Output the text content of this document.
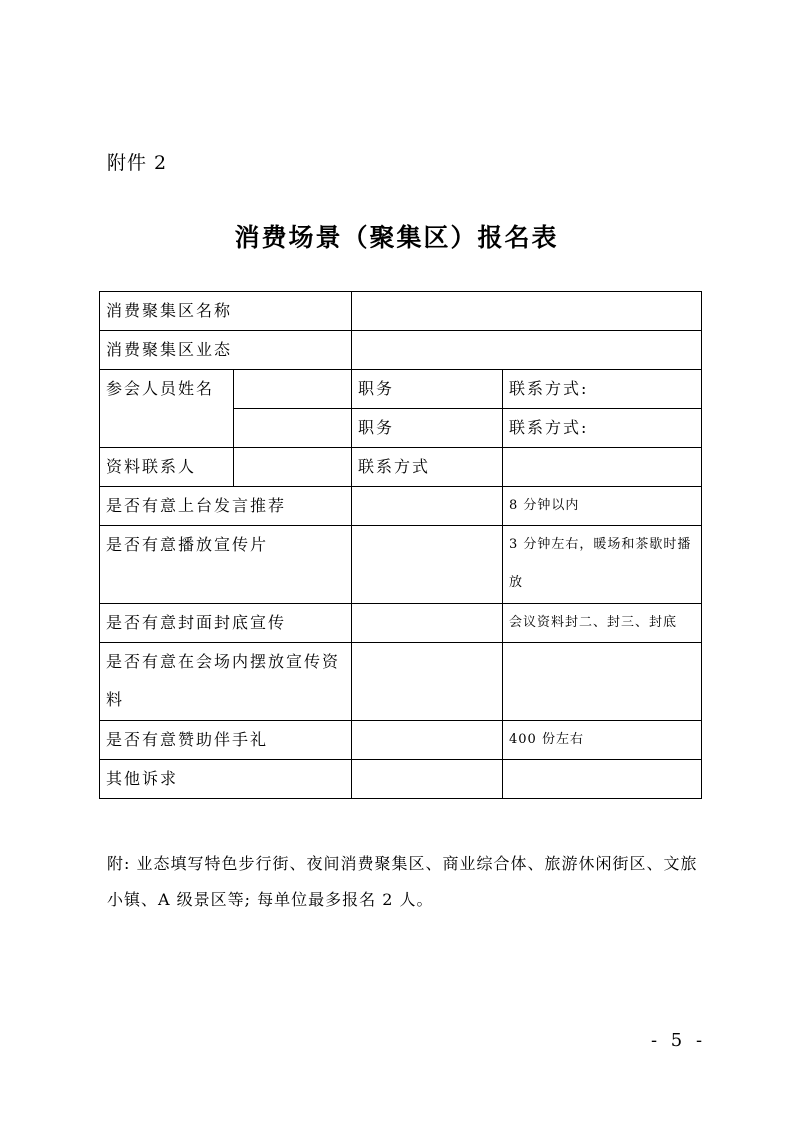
附件 2
消费场景（聚集区）报名表
消费聚集区名称			
消费聚集区业态			
参会人员姓名		职务	联系方式:
		职务	联系方式:
资料联系人		联系方式	
是否有意上台发言推荐			8 分钟以内
是否有意播放宣传片			3 分钟左右，暖场和茶歇时播放
是否有意封面封底宣传			会议资料封二、封三、封底
是否有意在会场内摆放宣传资料			
是否有意赞助伴手礼			400 份左右
其他诉求			
附: 业态填写特色步行街、夜间消费聚集区、商业综合体、旅游休闲街区、文旅小镇、A 级景区等; 每单位最多报名 2 人。
- 5 -
